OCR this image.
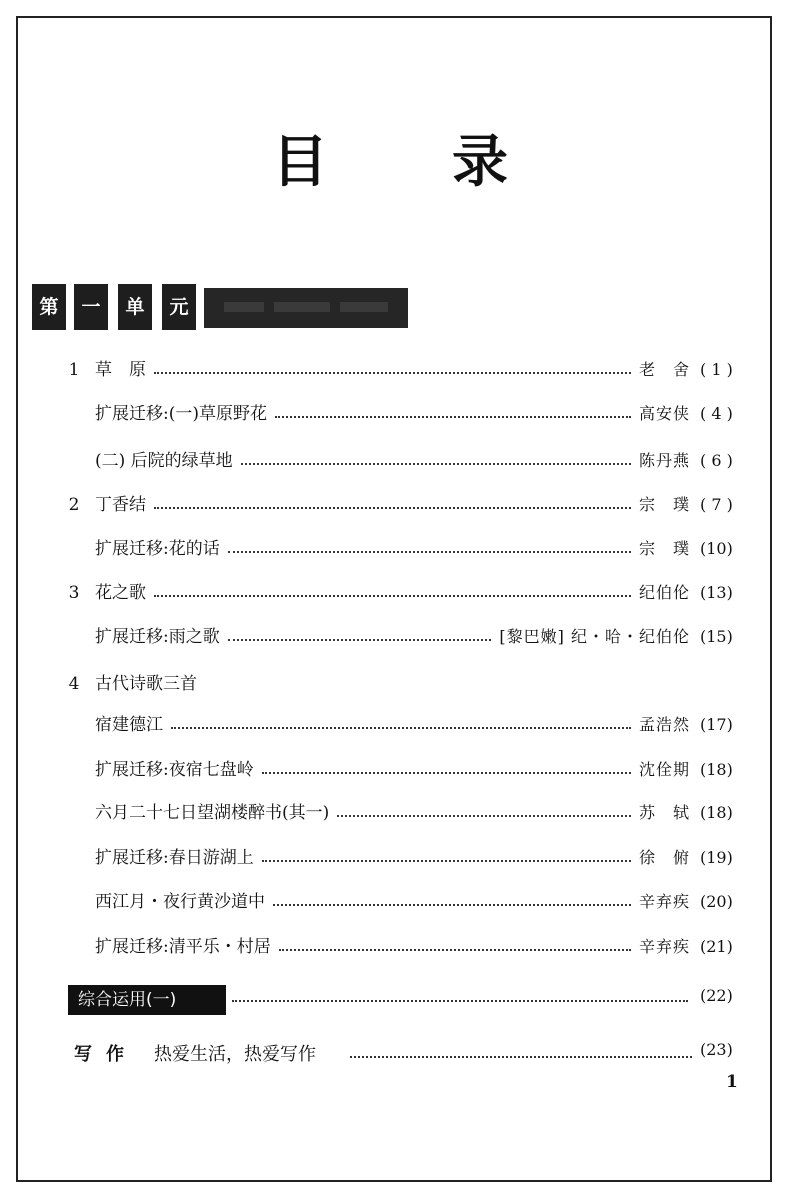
目 录
第	一	单	元
1 草　原	老　舍 ( 1 )
扩展迁移:(一)草原野花	高安侠 ( 4 )
(二) 后院的绿草地	陈丹燕 ( 6 )
2 丁香结	宗　璞 ( 7 )
扩展迁移:花的话	宗　璞 (10)
3 花之歌	纪伯伦 (13)
扩展迁移:雨之歌	[黎巴嫩] 纪・哈・纪伯伦 (15)
4 古代诗歌三首
宿建德江	孟浩然 (17)
扩展迁移:夜宿七盘岭	沈佺期 (18)
六月二十七日望湖楼醉书(其一)	苏　轼 (18)
扩展迁移:春日游湖上	徐　俯 (19)
西江月・夜行黄沙道中	辛弃疾 (20)
扩展迁移:清平乐・村居	辛弃疾 (21)
综合运用(一)	(22)
写作 热爱生活，热爱写作	(23)
1
